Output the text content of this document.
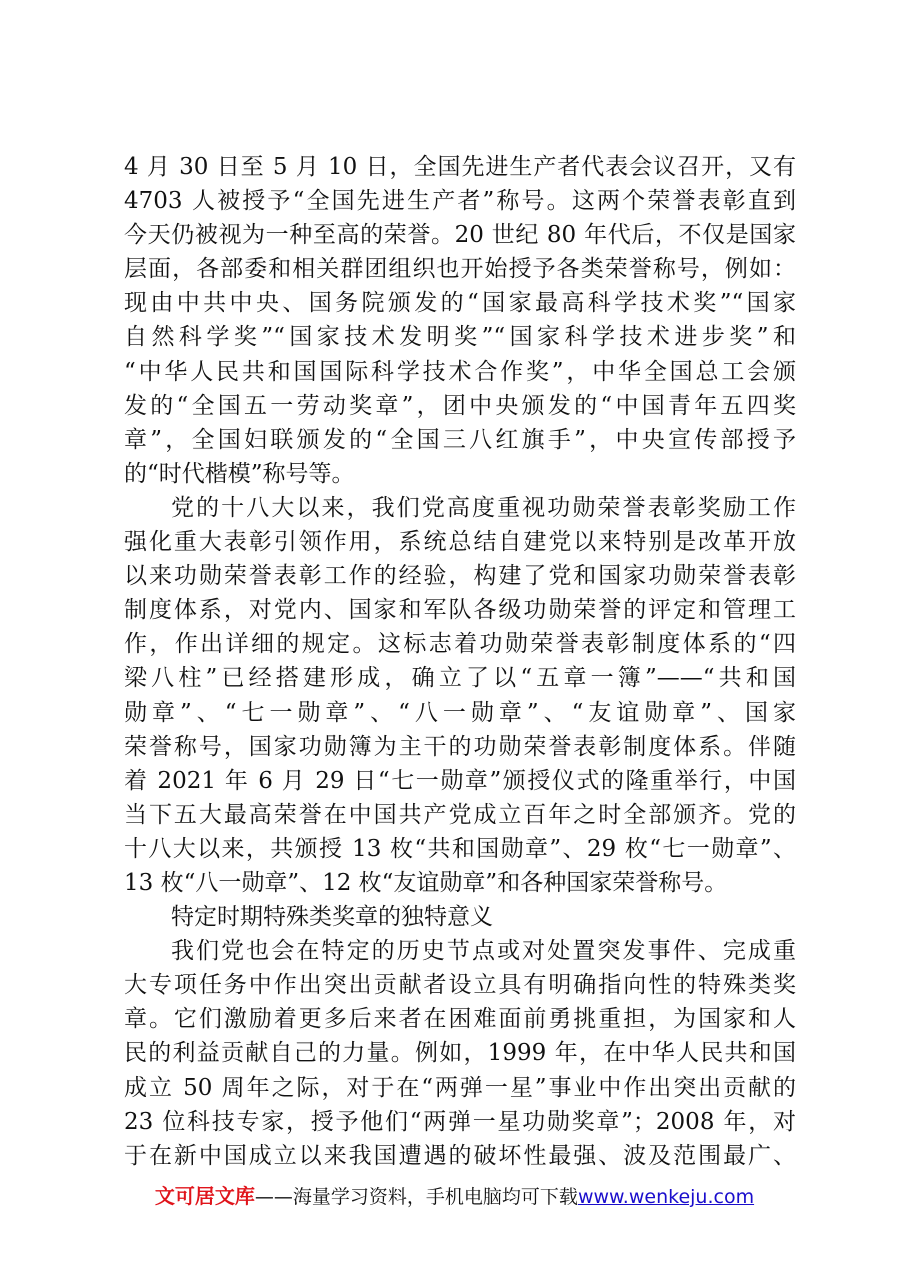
4 月 30 日至 5 月 10 日，全国先进生产者代表会议召开，又有
4703 人被授予“全国先进生产者”称号。这两个荣誉表彰直到
今天仍被视为一种至高的荣誉。20 世纪 80 年代后，不仅是国家
层面，各部委和相关群团组织也开始授予各类荣誉称号，例如：
现由中共中央、国务院颁发的“国家最高科学技术奖”“国家
自然科学奖”“国家技术发明奖”“国家科学技术进步奖”和
“中华人民共和国国际科学技术合作奖”，中华全国总工会颁
发的“全国五一劳动奖章”，团中央颁发的“中国青年五四奖
章”，全国妇联颁发的“全国三八红旗手”，中央宣传部授予
的“时代楷模”称号等。
党的十八大以来，我们党高度重视功勋荣誉表彰奖励工作
强化重大表彰引领作用，系统总结自建党以来特别是改革开放
以来功勋荣誉表彰工作的经验，构建了党和国家功勋荣誉表彰
制度体系，对党内、国家和军队各级功勋荣誉的评定和管理工
作，作出详细的规定。这标志着功勋荣誉表彰制度体系的“四
梁八柱”已经搭建形成，确立了以“五章一簿”——“共和国
勋章”、“七一勋章”、“八一勋章”、“友谊勋章”、国家
荣誉称号，国家功勋簿为主干的功勋荣誉表彰制度体系。伴随
着 2021 年 6 月 29 日“七一勋章”颁授仪式的隆重举行，中国
当下五大最高荣誉在中国共产党成立百年之时全部颁齐。党的
十八大以来，共颁授 13 枚“共和国勋章”、29 枚“七一勋章”、
13 枚“八一勋章”、12 枚“友谊勋章”和各种国家荣誉称号。
特定时期特殊类奖章的独特意义
我们党也会在特定的历史节点或对处置突发事件、完成重
大专项任务中作出突出贡献者设立具有明确指向性的特殊类奖
章。它们激励着更多后来者在困难面前勇挑重担，为国家和人
民的利益贡献自己的力量。例如，1999 年，在中华人民共和国
成立 50 周年之际，对于在“两弹一星”事业中作出突出贡献的
23 位科技专家，授予他们“两弹一星功勋奖章”；2008 年，对
于在新中国成立以来我国遭遇的破坏性最强、波及范围最广、
文可居文库——海量学习资料，手机电脑均可下载www.wenkeju.com
